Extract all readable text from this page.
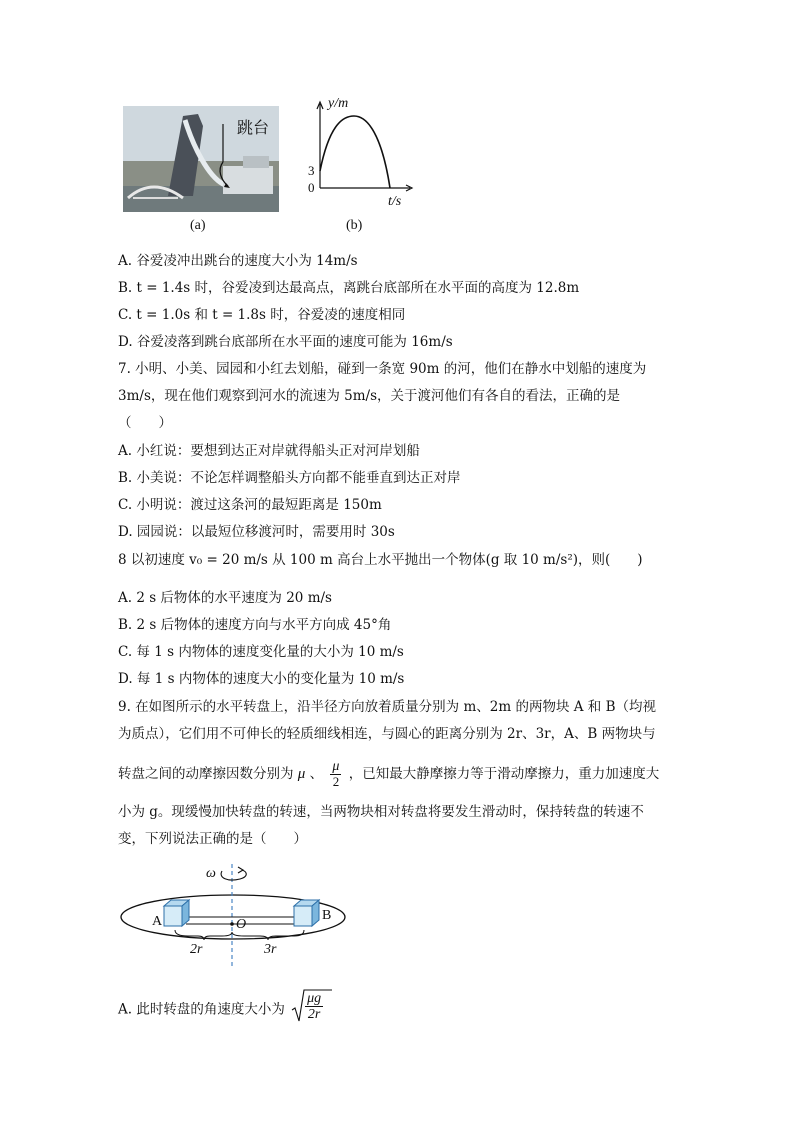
跳台
(a)
y/m
3
0
t/s
(b)
A. 谷爱凌冲出跳台的速度大小为 14m/s
B. t = 1.4s 时，谷爱凌到达最高点，离跳台底部所在水平面的高度为 12.8m
C. t = 1.0s 和 t = 1.8s 时，谷爱凌的速度相同
D. 谷爱凌落到跳台底部所在水平面的速度可能为 16m/s
7. 小明、小美、园园和小红去划船，碰到一条宽 90m 的河，他们在静水中划船的速度为
3m/s，现在他们观察到河水的流速为 5m/s，关于渡河他们有各自的看法，正确的是
（　　）
A. 小红说：要想到达正对岸就得船头正对河岸划船
B. 小美说：不论怎样调整船头方向都不能垂直到达正对岸
C. 小明说：渡过这条河的最短距离是 150m
D. 园园说：以最短位移渡河时，需要用时 30s
8 以初速度 v₀ = 20 m/s 从 100 m 高台上水平抛出一个物体(g 取 10 m/s²)，则(　　)
A. 2 s 后物体的水平速度为 20 m/s
B. 2 s 后物体的速度方向与水平方向成 45°角
C. 每 1 s 内物体的速度变化量的大小为 10 m/s
D. 每 1 s 内物体的速度大小的变化量为 10 m/s
9. 在如图所示的水平转盘上，沿半径方向放着质量分别为 m、2m 的两物块 A 和 B（均视
为质点），它们用不可伸长的轻质细线相连，与圆心的距离分别为 2r、3r，A、B 两物块与
转盘之间的动摩擦因数分别为 μ 、 $\frac{\mu}{2}$ ，已知最大静摩擦力等于滑动摩擦力，重力加速度大
小为 g。现缓慢加快转盘的转速，当两物块相对转盘将要发生滑动时，保持转盘的转速不
变，下列说法正确的是（　　）
ω
A	O
B
2r	3r
A. 此时转盘的角速度大小为 $\frac{\mu g}{2r}$
